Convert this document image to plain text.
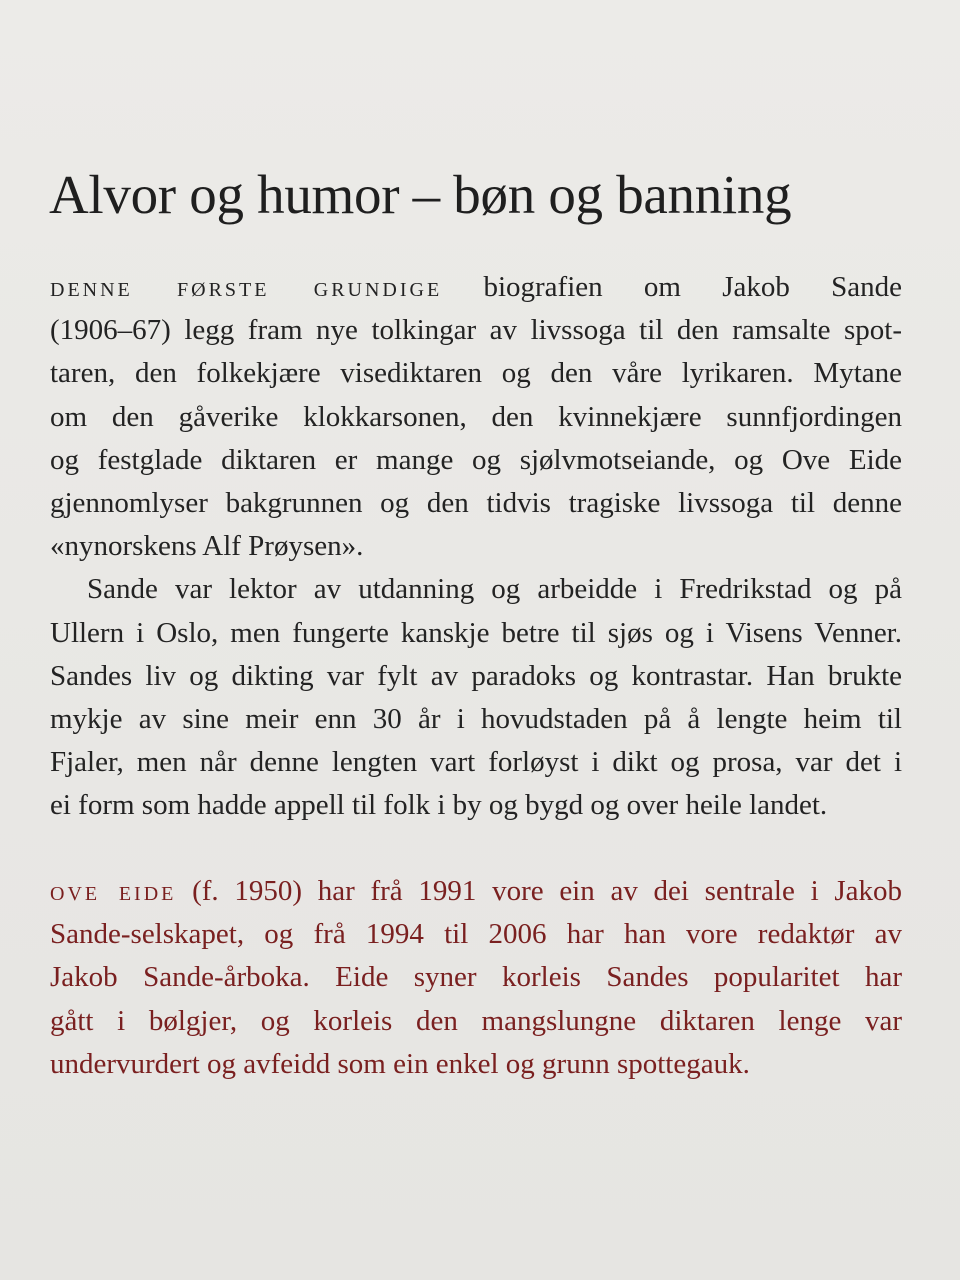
Alvor og humor – bøn og banning
denne første grundige biografien om Jakob Sande
(1906–67) legg fram nye tolkingar av livssoga til den ramsalte spot-
taren, den folkekjære visediktaren og den våre lyrikaren. Mytane
om den gåverike klokkarsonen, den kvinnekjære sunnfjordingen
og festglade diktaren er mange og sjølvmotseiande, og Ove Eide
gjennomlyser bakgrunnen og den tidvis tragiske livssoga til denne
«nynorskens Alf Prøysen».
Sande var lektor av utdanning og arbeidde i Fredrikstad og på
Ullern i Oslo, men fungerte kanskje betre til sjøs og i Visens Venner.
Sandes liv og dikting var fylt av paradoks og kontrastar. Han brukte
mykje av sine meir enn 30 år i hovudstaden på å lengte heim til
Fjaler, men når denne lengten vart forløyst i dikt og prosa, var det i
ei form som hadde appell til folk i by og bygd og over heile landet.
ove eide (f. 1950) har frå 1991 vore ein av dei sentrale i Jakob
Sande-selskapet, og frå 1994 til 2006 har han vore redaktør av
Jakob Sande-årboka. Eide syner korleis Sandes popularitet har
gått i bølgjer, og korleis den mangslungne diktaren lenge var
undervurdert og avfeidd som ein enkel og grunn spottegauk.
